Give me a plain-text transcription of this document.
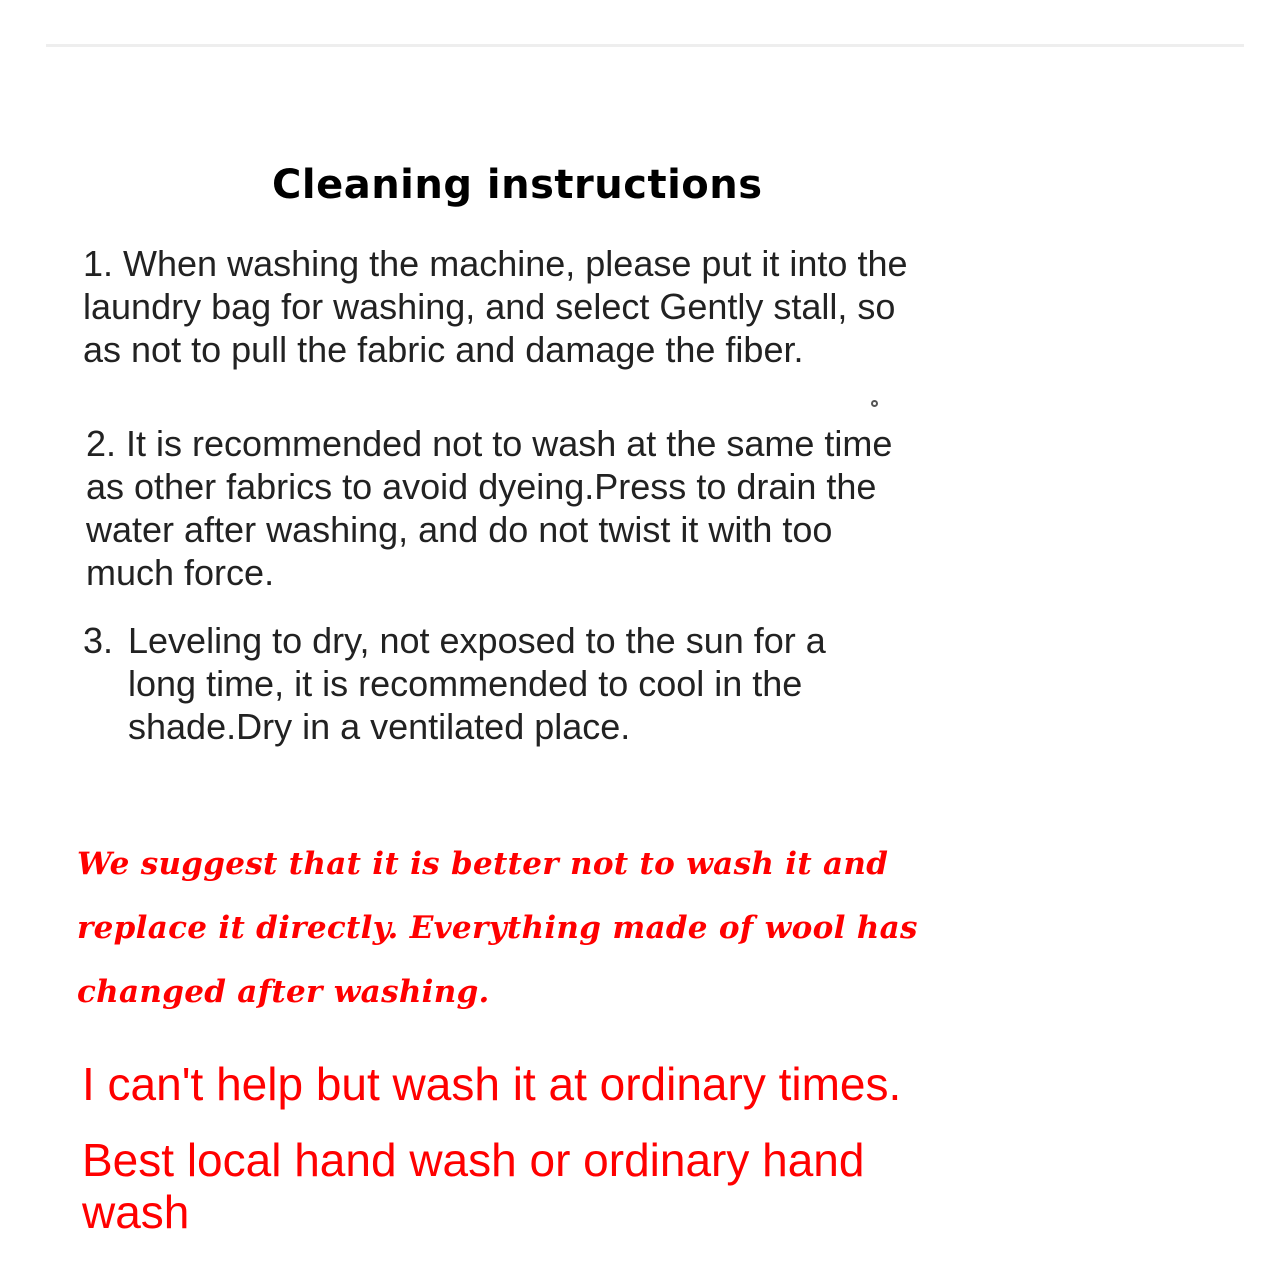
Cleaning instructions

1. When washing the machine, please put it into the
laundry bag for washing, and select Gently stall, so
as not to pull the fabric and damage the fiber.

2. It is recommended not to wash at the same time
as other fabrics to avoid dyeing.Press to drain the
water after washing, and do not twist it with too
much force.

3. Leveling to dry, not exposed to the sun for a
long time, it is recommended to cool in the
shade.Dry in a ventilated place.

We suggest that it is better not to wash it and
replace it directly. Everything made of wool has
changed after washing.

I can't help but wash it at ordinary times.

Best local hand wash or ordinary hand
wash
